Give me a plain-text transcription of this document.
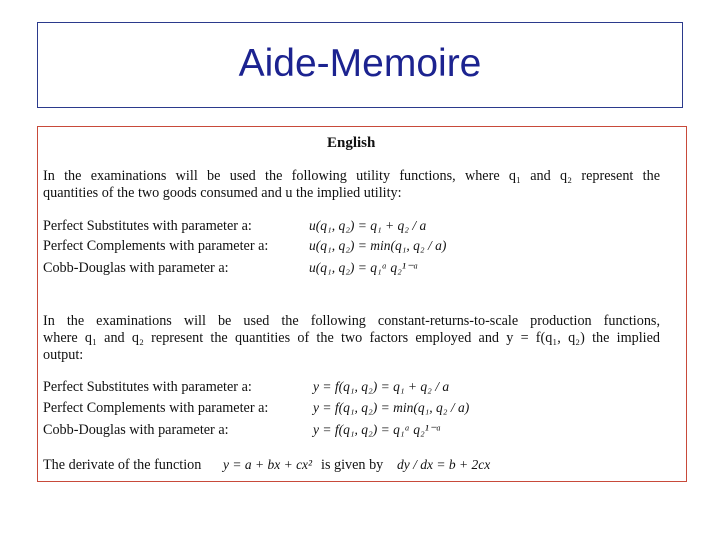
Aide-Memoire
English
In the examinations will be used the following utility functions, where q₁ and q₂ represent the
quantities of the two goods consumed and u the implied utility:
Perfect Substitutes with parameter a:	u(q₁, q₂) = q₁ + q₂ / a
Perfect Complements with parameter a:	u(q₁, q₂) = min(q₁, q₂ / a)
Cobb-Douglas with parameter a:	u(q₁, q₂) = q₁ᵃ q₂¹⁻ᵃ
In the examinations will be used the following constant-returns-to-scale production functions,
where q₁ and q₂ represent the quantities of the two factors employed and y = f(q₁, q₂) the implied
output:
Perfect Substitutes with parameter a:	y = f(q₁, q₂) = q₁ + q₂ / a
Perfect Complements with parameter a:	y = f(q₁, q₂) = min(q₁, q₂ / a)
Cobb-Douglas with parameter a:	y = f(q₁, q₂) = q₁ᵃ q₂¹⁻ᵃ
The derivate of the function y = a + bx + cx² is given by dy / dx = b + 2cx
